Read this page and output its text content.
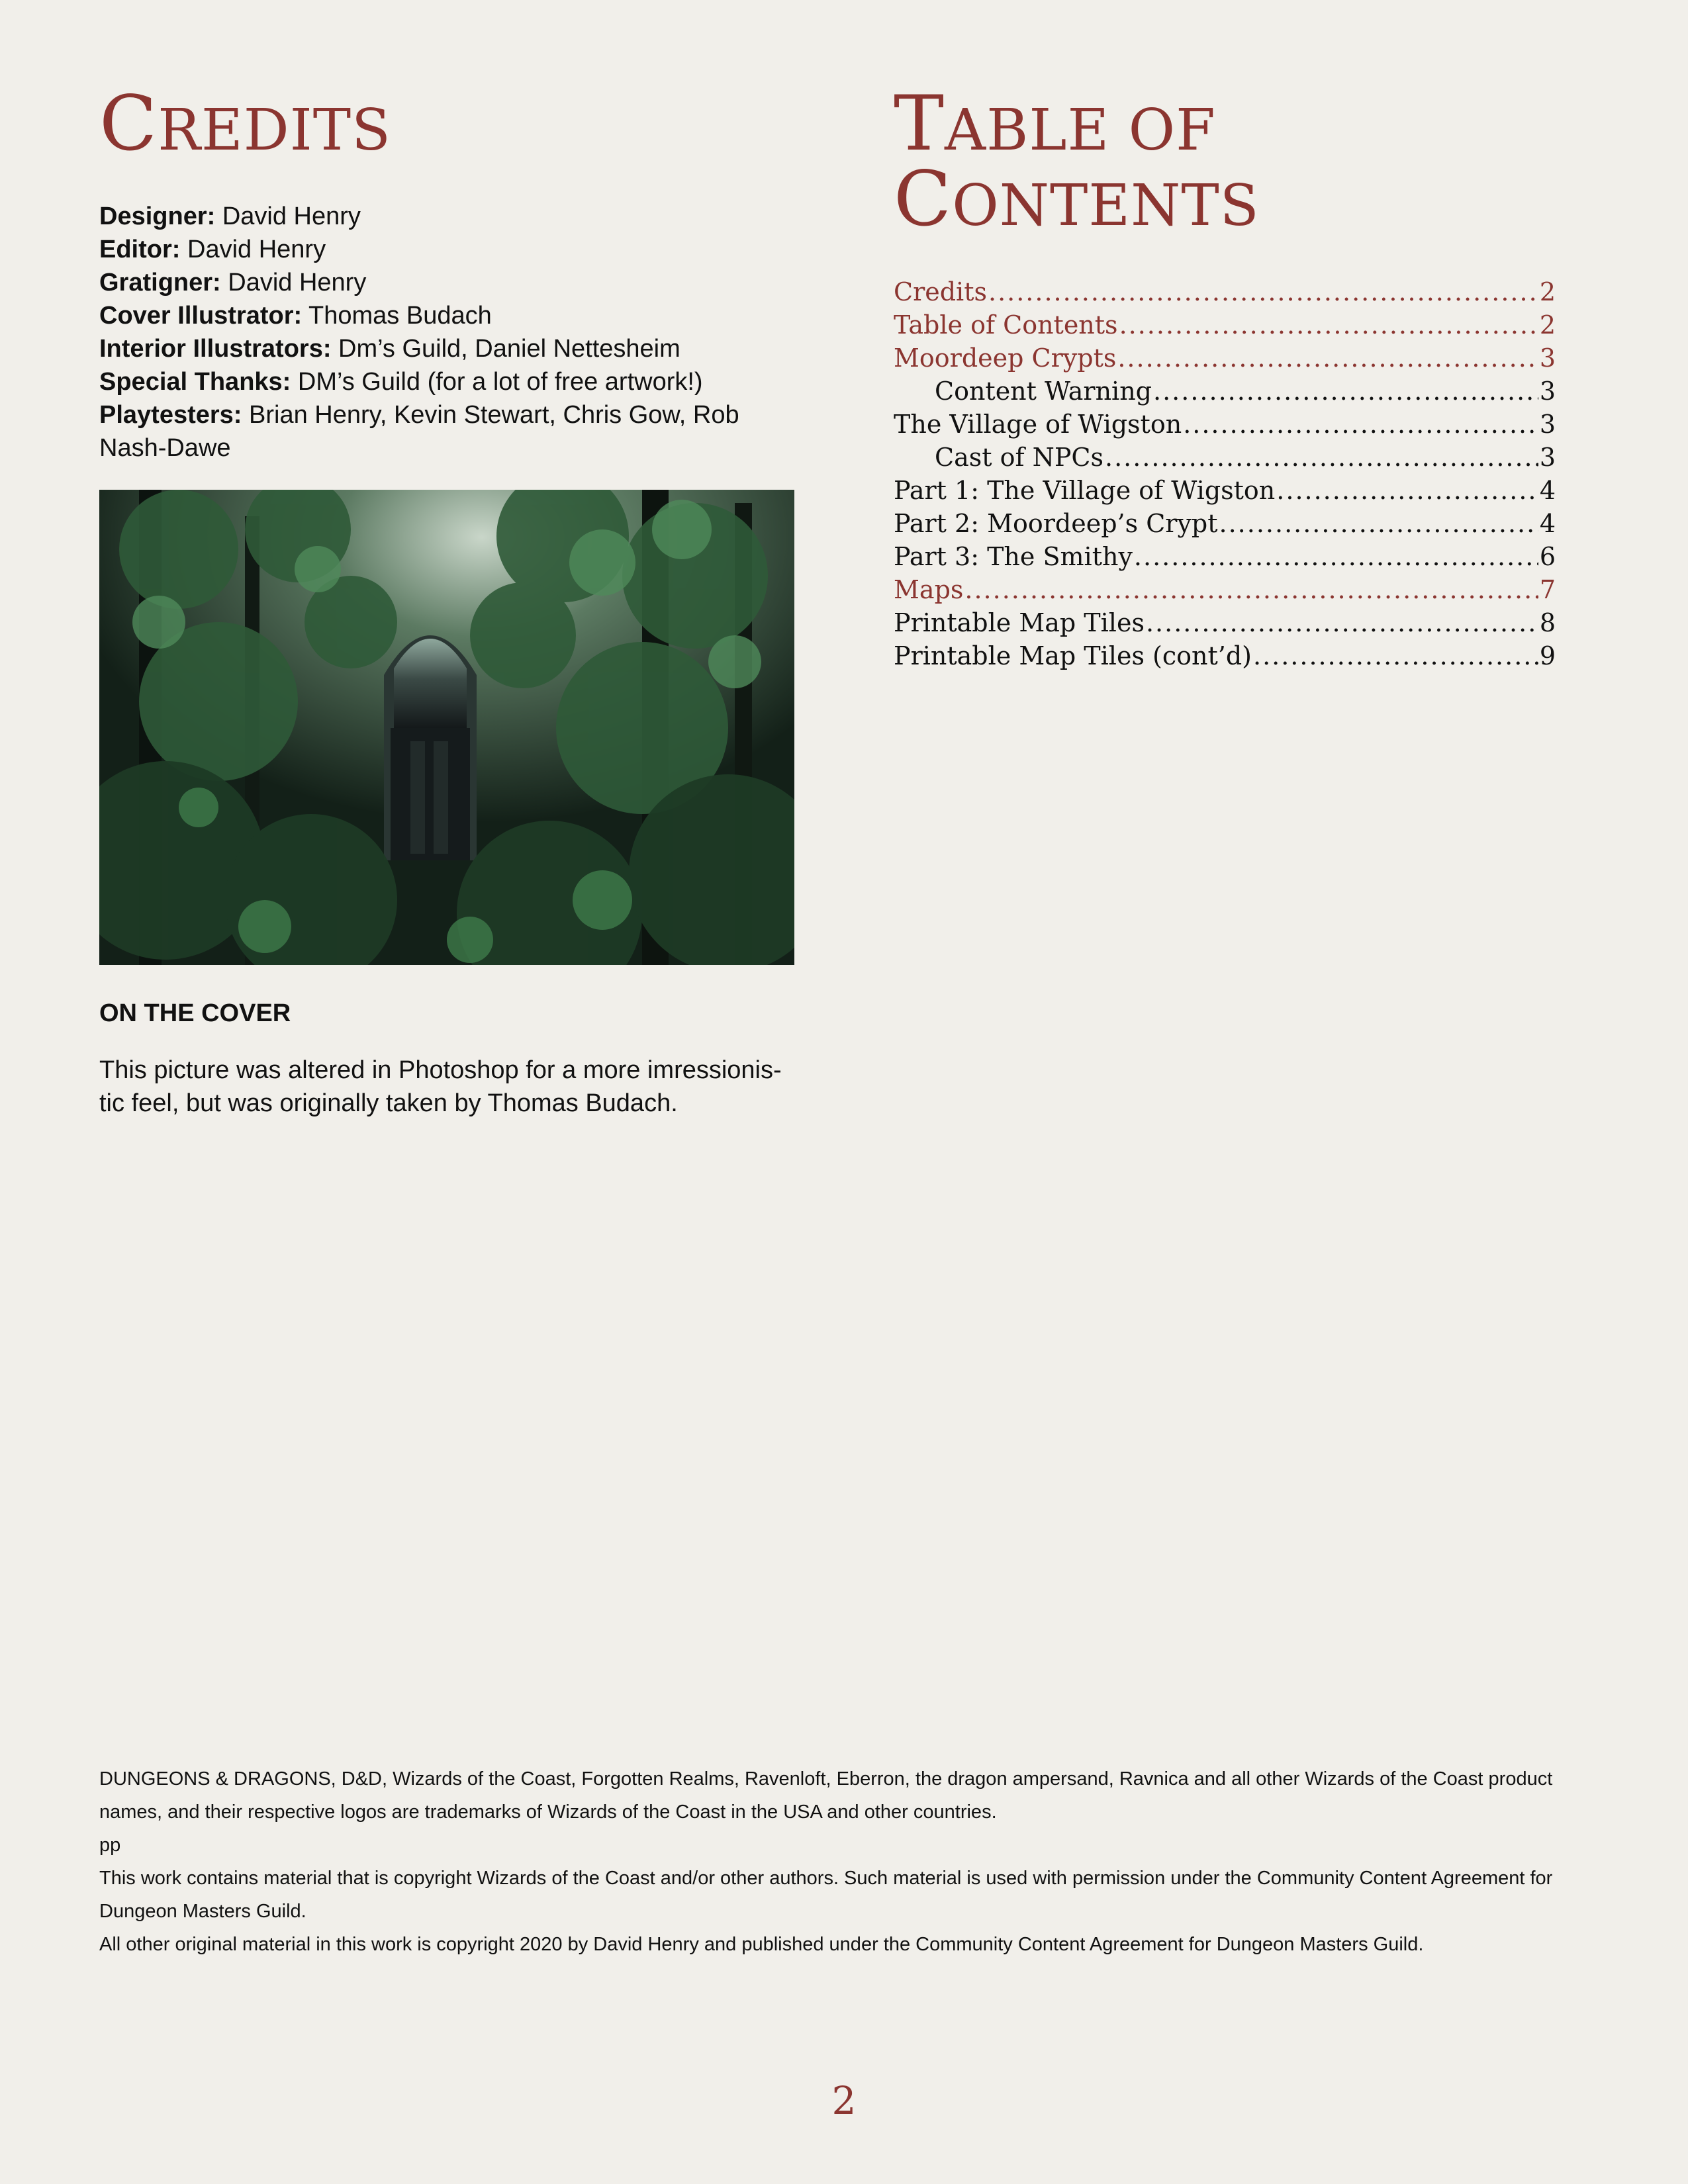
CREDITS
Designer: David Henry
Editor: David Henry
Gratigner: David Henry
Cover Illustrator: Thomas Budach
Interior Illustrators: Dm’s Guild, Daniel Nettesheim
Special Thanks: DM’s Guild (for a lot of free artwork!)
Playtesters: Brian Henry, Kevin Stewart, Chris Gow, Rob Nash-Dawe
ON THE COVER
This picture was altered in Photoshop for a more imressionis-tic feel, but was originally taken by Thomas Budach.
TABLE OF CONTENTS
Credits .....	2
Table of Contents .....	2
Moordeep Crypts .....	3
Content Warning .....	3
The Village of Wigston .....	3
Cast of NPCs .....	3
Part 1: The Village of Wigston .....	4
Part 2: Moordeep’s Crypt .....	4
Part 3: The Smithy .....	6
Maps .....	7
Printable Map Tiles .....	8
Printable Map Tiles (cont’d) .....	9
DUNGEONS & DRAGONS, D&D, Wizards of the Coast, Forgotten Realms, Ravenloft, Eberron, the dragon ampersand, Ravnica and all other Wizards of the Coast product names, and their respective logos are trademarks of Wizards of the Coast in the USA and other countries.
pp
This work contains material that is copyright Wizards of the Coast and/or other authors. Such material is used with permission under the Community Content Agreement for Dungeon Masters Guild.
All other original material in this work is copyright 2020 by David Henry and published under the Community Content Agreement for Dungeon Masters Guild.
2
